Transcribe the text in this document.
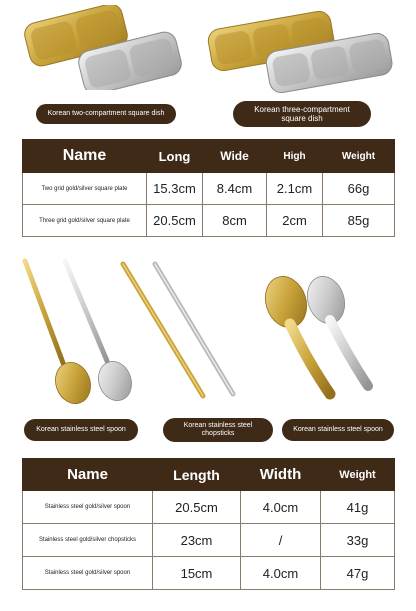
Korean two-compartment square dish	Korean three-compartment
square dish
Name	Long	Wide	High	Weight
Two grid gold/silver square plate	15.3cm	8.4cm	2.1cm	66g
Three grid gold/silver square plate	20.5cm	8cm	2cm	85g
Korean stainless steel spoon
Korean stainless steel
chopsticks
Korean stainless steel spoon
Name	Length	Width	Weight
Stainless steel gold/silver spoon	20.5cm	4.0cm	41g
Stainless steel gold/silver chopsticks	23cm	/	33g
Stainless steel gold/silver spoon	15cm	4.0cm	47g
